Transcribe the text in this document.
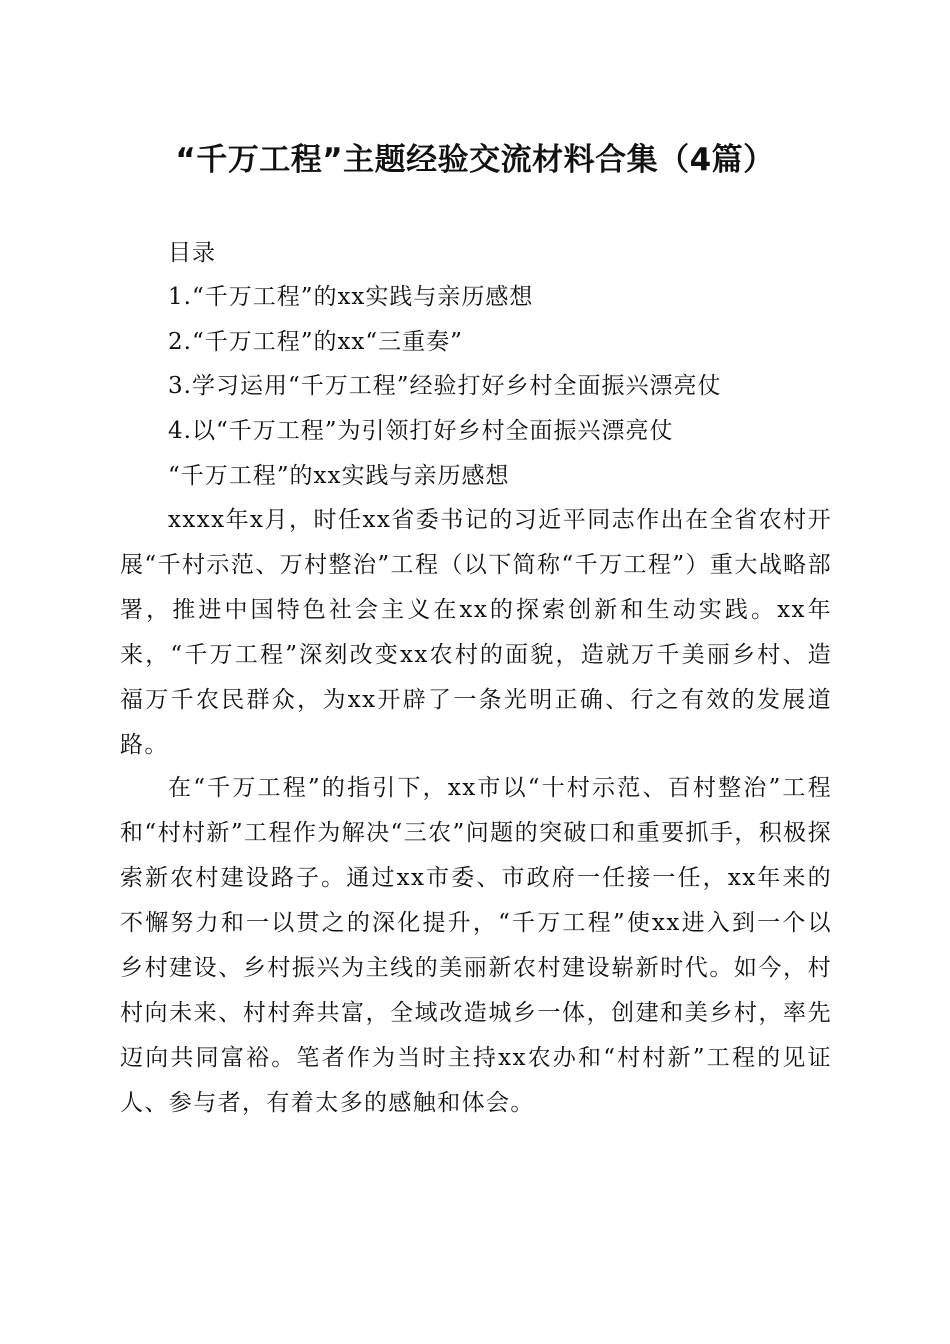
“千万工程”主题经验交流材料合集（4篇）
目录
1.“千万工程”的xx实践与亲历感想
2.“千万工程”的xx“三重奏”
3.学习运用“千万工程”经验打好乡村全面振兴漂亮仗
4.以“千万工程”为引领打好乡村全面振兴漂亮仗
“千万工程”的xx实践与亲历感想

xxxx年x月，时任xx省委书记的习近平同志作出在全省农村开展“千村示范、万村整治”工程（以下简称“千万工程”）重大战略部署，推进中国特色社会主义在xx的探索创新和生动实践。xx年来，“千万工程”深刻改变xx农村的面貌，造就万千美丽乡村、造福万千农民群众，为xx开辟了一条光明正确、行之有效的发展道路。

在“千万工程”的指引下，xx市以“十村示范、百村整治”工程和“村村新”工程作为解决“三农”问题的突破口和重要抓手，积极探索新农村建设路子。通过xx市委、市政府一任接一任，xx年来的不懈努力和一以贯之的深化提升，“千万工程”使xx进入到一个以乡村建设、乡村振兴为主线的美丽新农村建设崭新时代。如今，村村向未来、村村奔共富，全域改造城乡一体，创建和美乡村，率先迈向共同富裕。笔者作为当时主持xx农办和“村村新”工程的见证人、参与者，有着太多的感触和体会。
